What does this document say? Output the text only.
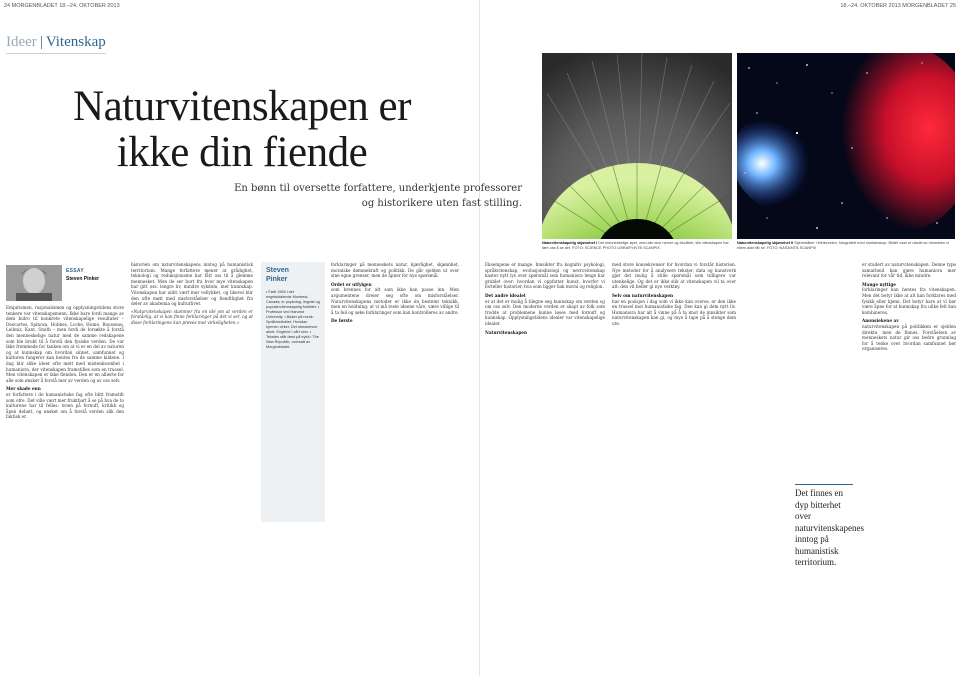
24 MORGENBLADET 18.–24. OKTOBER 2013	18.–24. OKTOBER 2013 MORGENBLADET 25
Ideer Vitenskap
Naturvitenskapen er
ikke din fiende
En bønn til oversette forfattere, underkjente professorer og historikere uten fast stilling.
Naturvitenskapelig skjønnhet I Det menneskelige øyet, med alle sine nerver og blodårer, slik vitenskapen har lært oss å se det. FOTO: SCIENCE PHOTO LIBRARY/NTB SCANPIX
Naturvitenskapelig skjønnhet II Stjernetåker i Melkeveien, fotografert med romteleskop. Bildet viser et utsnitt av himmelen vi ellers aldri får se. FOTO: NASA/NTB SCANPIX
ESSAY
Steven Pinker
Steven
Pinker
• Født 1954 i det engelsktalende Montreal, Canada; er psykolog, lingvist og populærvitenskapelig forfatter. • Professor ved Harvard University. • Bøker på norsk: Språkinstinktet, Hvordan hjernen virker, Det ubeskrevne arket, Englene i vårt sinn. • Teksten står først på trykk i The New Republic, oversatt av Morgenbladet.

Empirismen, rasjonalismen og opplysningstidens store tenkere var vitenskapsmenn. Ikke bare fordi mange av dem bidro til konkrete vitenskapelige resultater – Descartes, Spinoza, Hobbes, Locke, Hume, Rousseau, Leibniz, Kant, Smith – men fordi de forsøkte å forstå den menneskelige natur med de samme redskapene som ble brukt til å forstå den fysiske verden. De var ikke fremmede for tanken om at vi er en del av naturen og at kunnskap om hvordan sinnet, samfunnet og kulturen fungerer kan hentes fra de samme kildene. I dag blir slike ideer ofte møtt med mistenksomhet i humaniora, der vitenskapen framstilles som en trussel. Men vitenskapen er ikke fienden. Den er en allierte for alle som ønsker å forstå mer av verden og av oss selv.

Mer skade enn

er forfattere i de humanistiske fag ofte blitt framstilt som ofre. Det ville vært mer fruktbart å se på hva de to kulturene har til felles: troen på fornuft, kritikk og åpen debatt, og ønsket om å forstå verden slik den faktisk er.

historien om naturvitenskapens inntog på humanistisk territorium. Mange forfattere mener at grådighet, teknologi og reduksjonisme har fått oss til å glemme mennesket. Men de ser bort fra hvor mye vitenskapen har gitt oss: lengre liv, mindre sykdom, mer kunnskap. Vitenskapen har aldri vært mer vellykket, og likevel blir den ofte møtt med misforståelser og fiendtlighet fra deler av akademia og kulturlivet.

«Naturvitenskapen stammer fra en idé om at verden er forståelig, at vi kan finne forklaringer på det vi ser, og at disse forklaringene kan prøves mot virkeligheten.»

forklaringer på menneskets natur, kjærlighet, skjønnhet, moralske dømmekraft og politikk. De går sjelden ut over sine egne grenser, men de åpner for nye spørsmål.

Ordet er utfylgen

som brennes for alt som ikke kan passe inn. Men argumentene dreier seg ofte om misforståelser. Naturvitenskapens metoder er ikke én bestemt teknikk, men en holdning: at vi må teste ideene våre, være villige til å ta feil og søke forklaringer som kan kontrolleres av andre.

De første

Eksempene er mange. Innsikter fra kognitiv psykologi, språkvitenskap, evolusjonsbiologi og nevrovitenskap kaster nytt lys over spørsmål som humaniora lenge har grublet over: hvordan vi oppfatter kunst, hvorfor vi forteller historier, hva som ligger bak moral og religion.

Det andre idealet

er at det er mulig å tilegne seg kunnskap om verden og om oss selv. Den moderne verden er skapt av folk som trodde at problemene kunne løses med fornuft og kunnskap. Opplysningstidens idealer var vitenskapelige idealer.

Naturvitenskapen

med store konsekvenser for hvordan vi forstår historien. Nye metoder for å analysere tekster, data og kunstverk gjør det mulig å stille spørsmål som tidligere var utenkelige. Og det er ikke slik at vitenskapen vil ta over alt: den vil heller gi nye verktøy.

Selv om naturvitenskapen

har en posisjon i dag som vi ikke kan overse, er den ikke en trussel mot humanistiske fag. Den kan gi dem nytt liv. Humaniora har alt å vinne på å ta imot de innsikter som naturvitenskapen kan gi, og mye å tape på å stenge dem ute.

er studert av naturvitenskapen. Denne type samarbeid kan gjøre humaniora mer relevant for vår tid, ikke mindre.

Mange nyttige

forklaringer kan hentes fra vitenskapen. Men det betyr ikke at alt kan forklares med fysikk eller kjemi. Det betyr bare at vi bør være åpne for at kunnskap fra ulike felt kan kombineres.

Anonsiekene av

naturvitenskapen på politikken er sjelden direkte, men de finnes. Forståelsen av menneskets natur gir oss bedre grunnlag for å tenke over hvordan samfunnet bør organiseres.

Det finnes en dyp bitterhet over naturvitenskapenes inntog på humanistisk territorium.
